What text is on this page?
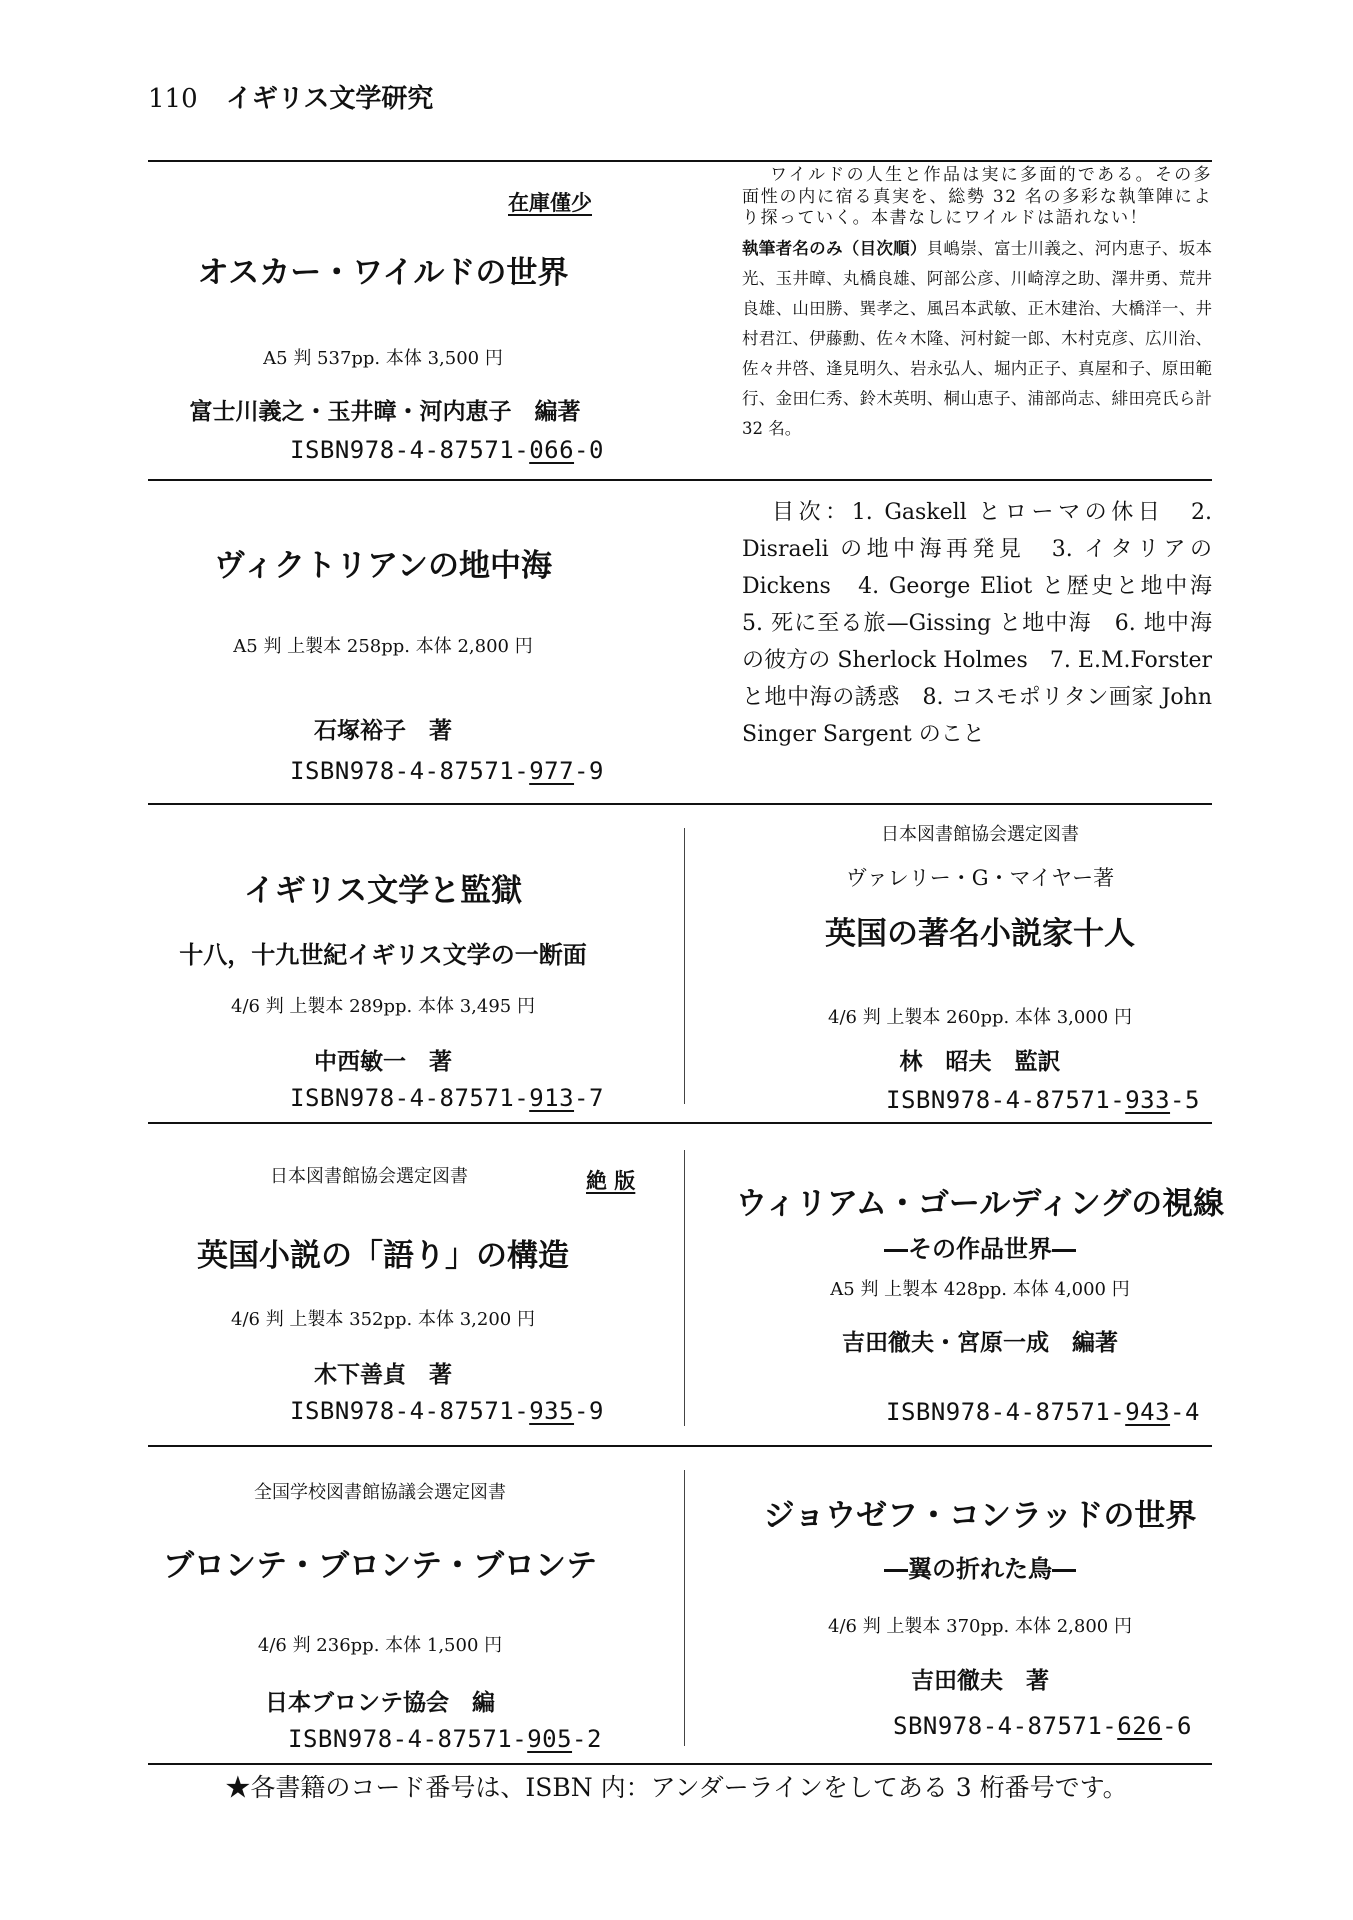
110 イギリス文学研究
在庫僅少
オスカー・ワイルドの世界
A5 判 537pp. 本体 3,500 円
富士川義之・玉井暲・河内恵子　編著
ISBN978-4-87571-066-0
ワイルドの人生と作品は実に多面的である。その多面性の内に宿る真実を、総勢 32 名の多彩な執筆陣により探っていく。本書なしにワイルドは語れない！
執筆者名のみ（目次順）貝嶋崇、富士川義之、河内恵子、坂本光、玉井暲、丸橋良雄、阿部公彦、川崎淳之助、澤井勇、荒井良雄、山田勝、巽孝之、風呂本武敏、正木建治、大橋洋一、井村君江、伊藤勳、佐々木隆、河村錠一郎、木村克彦、広川治、佐々井啓、逢見明久、岩永弘人、堀内正子、真屋和子、原田範行、金田仁秀、鈴木英明、桐山恵子、浦部尚志、緋田亮氏ら計 32 名。
ヴィクトリアンの地中海
A5 判 上製本 258pp. 本体 2,800 円
石塚裕子　著
ISBN978-4-87571-977-9
目次：1. Gaskell とローマの休日　2. Disraeli の地中海再発見　3. イタリアの Dickens　4. George Eliot と歴史と地中海　5. 死に至る旅—Gissing と地中海　6. 地中海の彼方の Sherlock Holmes　7. E.M.Forster と地中海の誘惑　8. コスモポリタン画家 John Singer Sargent のこと
イギリス文学と監獄
十八，十九世紀イギリス文学の一断面
4/6 判 上製本 289pp. 本体 3,495 円
中西敏一　著
ISBN978-4-87571-913-7
日本図書館協会選定図書
ヴァレリー・G・マイヤー著
英国の著名小説家十人
4/6 判 上製本 260pp. 本体 3,000 円
林　昭夫　監訳
ISBN978-4-87571-933-5
日本図書館協会選定図書	絶 版
英国小説の「語り」の構造
4/6 判 上製本 352pp. 本体 3,200 円
木下善貞　著
ISBN978-4-87571-935-9
ウィリアム・ゴールディングの視線
―その作品世界―
A5 判 上製本 428pp. 本体 4,000 円
吉田徹夫・宮原一成　編著
ISBN978-4-87571-943-4
全国学校図書館協議会選定図書
ブロンテ・ブロンテ・ブロンテ
4/6 判 236pp. 本体 1,500 円
日本ブロンテ協会　編
ISBN978-4-87571-905-2
ジョウゼフ・コンラッドの世界
―翼の折れた鳥―
4/6 判 上製本 370pp. 本体 2,800 円
吉田徹夫　著
SBN978-4-87571-626-6
★各書籍のコード番号は、ISBN 内：アンダーラインをしてある 3 桁番号です。
